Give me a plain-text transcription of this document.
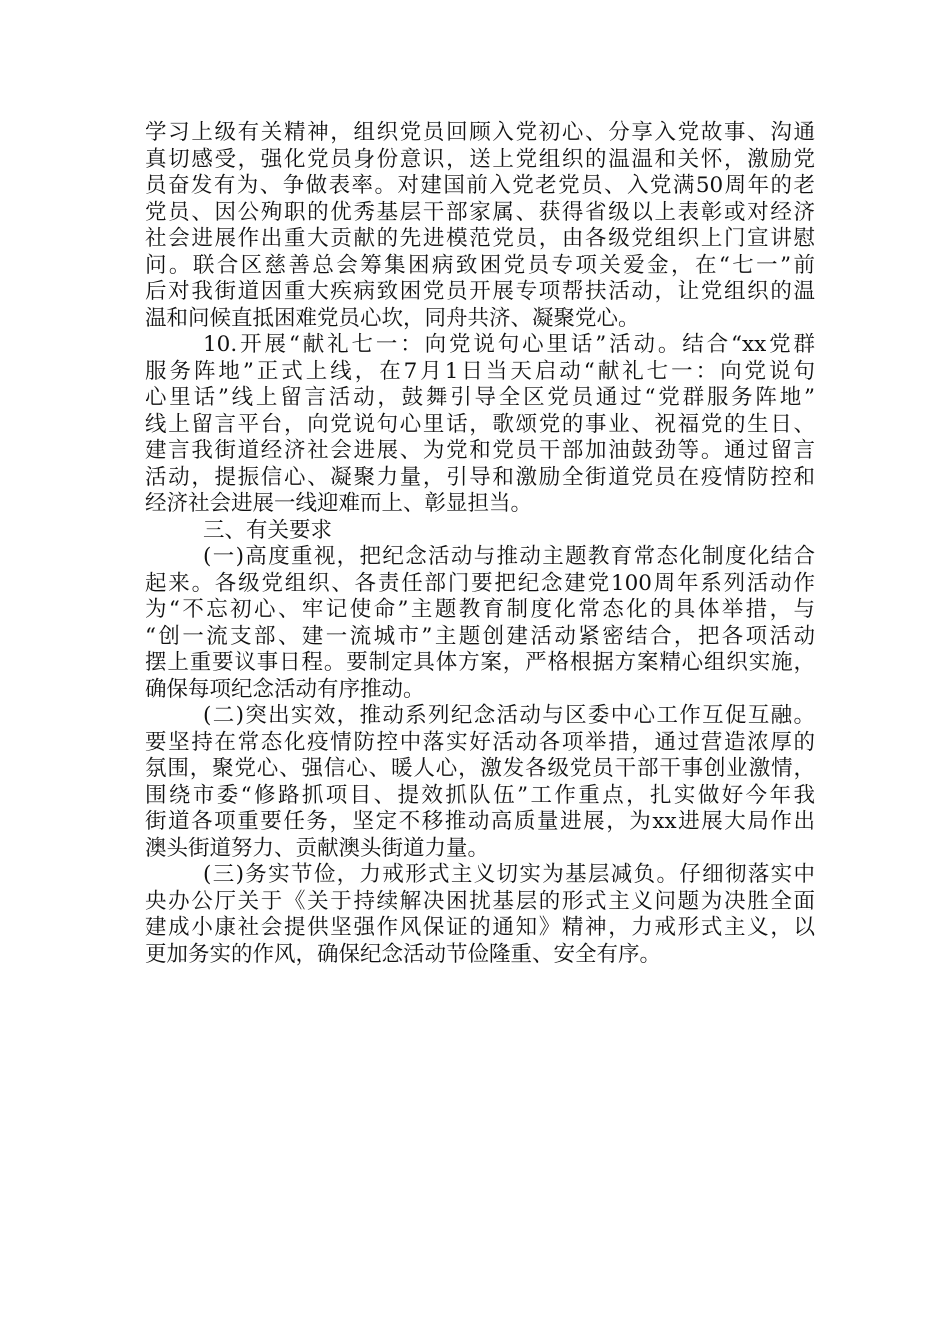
学习上级有关精神，组织党员回顾入党初心、分享入党故事、沟通
真切感受，强化党员身份意识，送上党组织的温温和关怀，激励党
员奋发有为、争做表率。对建国前入党老党员、入党满50周年的老
党员、因公殉职的优秀基层干部家属、获得省级以上表彰或对经济
社会进展作出重大贡献的先进模范党员，由各级党组织上门宣讲慰
问。联合区慈善总会筹集困病致困党员专项关爱金，在“七一”前
后对我街道因重大疾病致困党员开展专项帮扶活动，让党组织的温
温和问候直抵困难党员心坎，同舟共济、凝聚党心。
10.开展“献礼七一：向党说句心里话”活动。结合“xx党群
服务阵地”正式上线，在7月1日当天启动“献礼七一：向党说句
心里话”线上留言活动，鼓舞引导全区党员通过“党群服务阵地”
线上留言平台，向党说句心里话，歌颂党的事业、祝福党的生日、
建言我街道经济社会进展、为党和党员干部加油鼓劲等。通过留言
活动，提振信心、凝聚力量，引导和激励全街道党员在疫情防控和
经济社会进展一线迎难而上、彰显担当。
三、有关要求
(一)高度重视，把纪念活动与推动主题教育常态化制度化结合
起来。各级党组织、各责任部门要把纪念建党100周年系列活动作
为“不忘初心、牢记使命”主题教育制度化常态化的具体举措，与
“创一流支部、建一流城市”主题创建活动紧密结合，把各项活动
摆上重要议事日程。要制定具体方案，严格根据方案精心组织实施，
确保每项纪念活动有序推动。
(二)突出实效，推动系列纪念活动与区委中心工作互促互融。
要坚持在常态化疫情防控中落实好活动各项举措，通过营造浓厚的
氛围，聚党心、强信心、暖人心，激发各级党员干部干事创业激情，
围绕市委“修路抓项目、提效抓队伍”工作重点，扎实做好今年我
街道各项重要任务，坚定不移推动高质量进展，为xx进展大局作出
澳头街道努力、贡献澳头街道力量。
(三)务实节俭，力戒形式主义切实为基层减负。仔细彻落实中
央办公厅关于《关于持续解决困扰基层的形式主义问题为决胜全面
建成小康社会提供坚强作风保证的通知》精神，力戒形式主义，以
更加务实的作风，确保纪念活动节俭隆重、安全有序。
